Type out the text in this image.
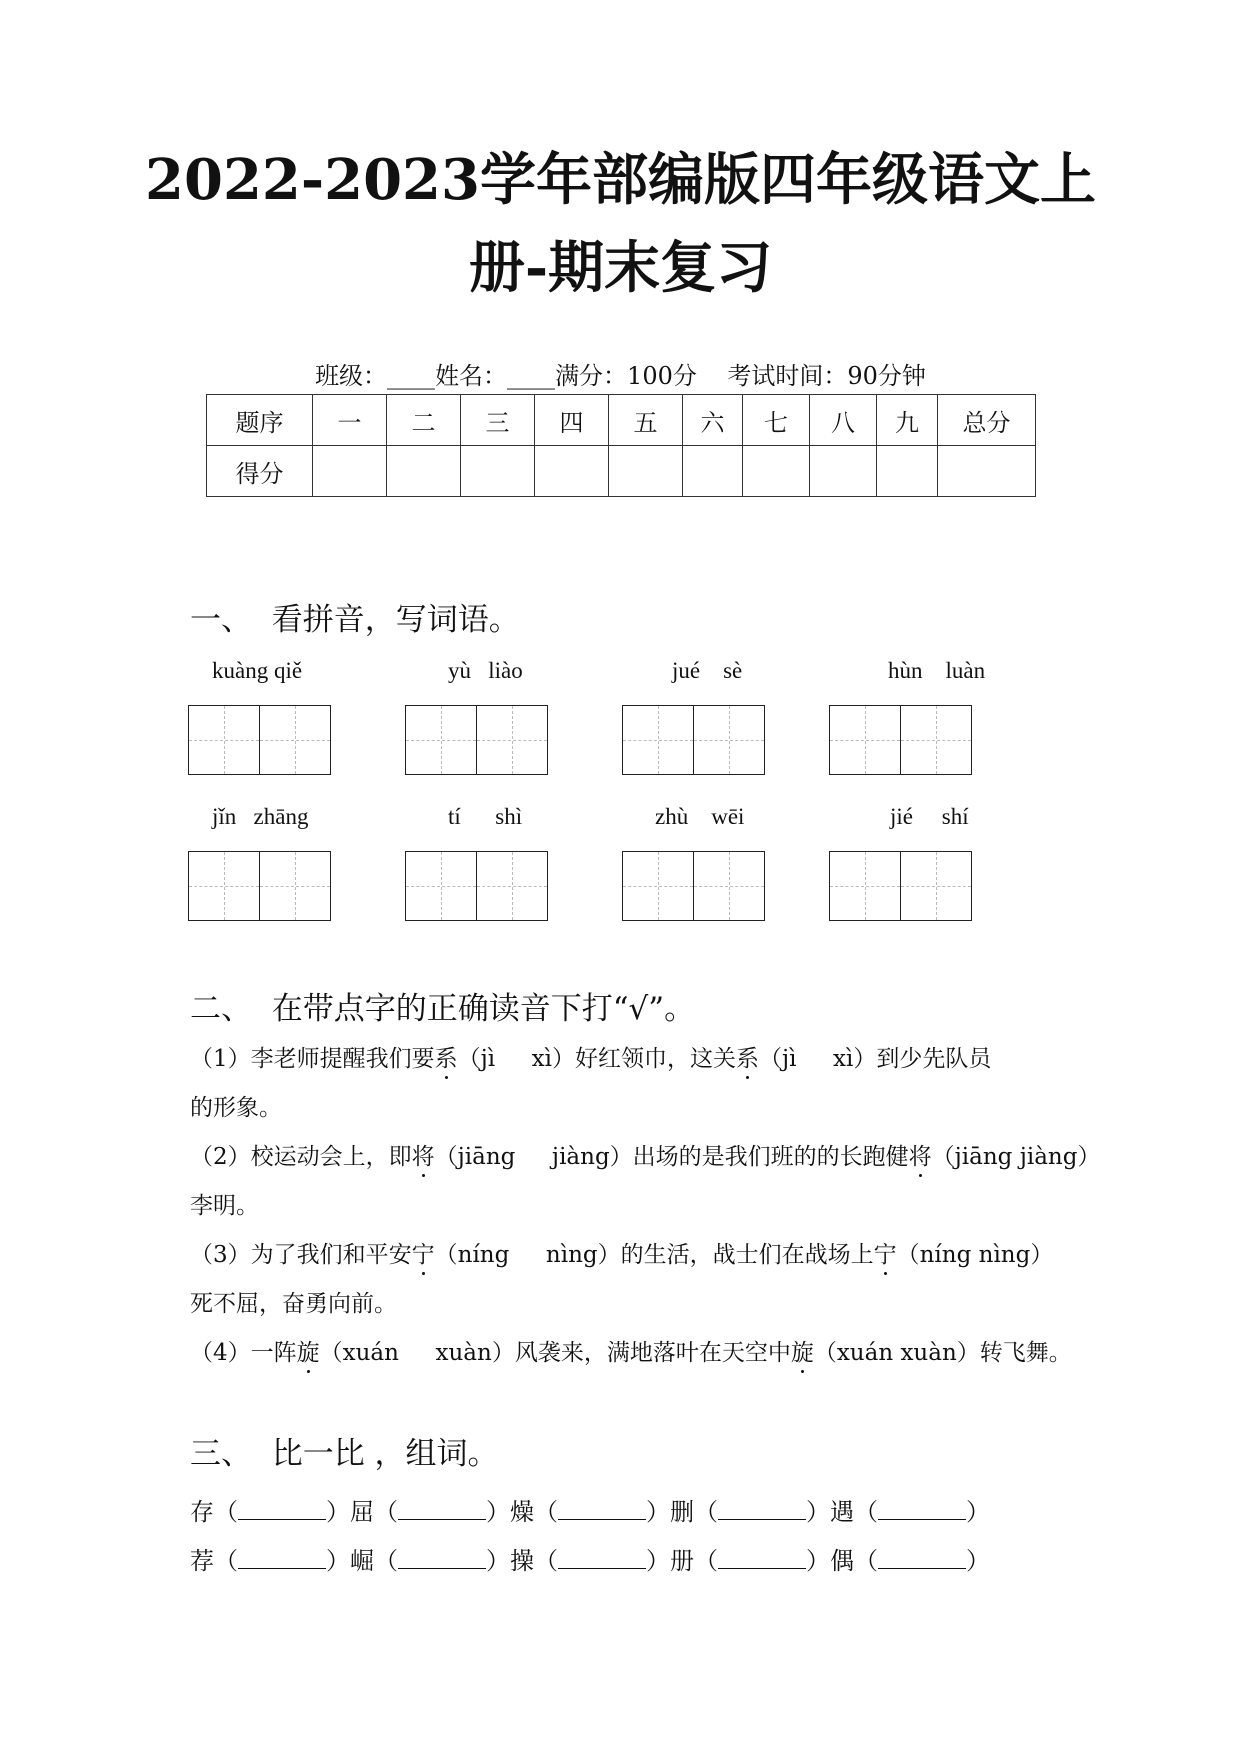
2022-2023学年部编版四年级语文上
册-期末复习
班级：____姓名：____满分：100分 考试时间：90分钟
题序	一	二	三	四	五	六	七	八	九	总分
得分										
一、  看拼音，写词语。
kuàng qiě	yù   liào	jué    sè	hùn    luàn
jǐn   zhāng	tí      shì	zhù    wēi	jié     shí
二、  在带点字的正确读音下打“√”。
（1）李老师提醒我们要系（jì     xì）好红领巾，这关系（jì     xì）到少先队员
的形象。
（2）校运动会上，即将（jiāng     jiàng）出场的是我们班的的长跑健将（jiāng jiàng）
李明。
（3）为了我们和平安宁（níng     nìng）的生活，战士们在战场上宁（níng nìng）
死不屈，奋勇向前。
（4）一阵旋（xuán     xuàn）风袭来，满地落叶在天空中旋（xuán xuàn）转飞舞。
三、  比一比 ，组词。
存（	）屈（	）燥（	）删（	）遇（	）
荐（	）崛（	）操（	）册（	）偶（	）
